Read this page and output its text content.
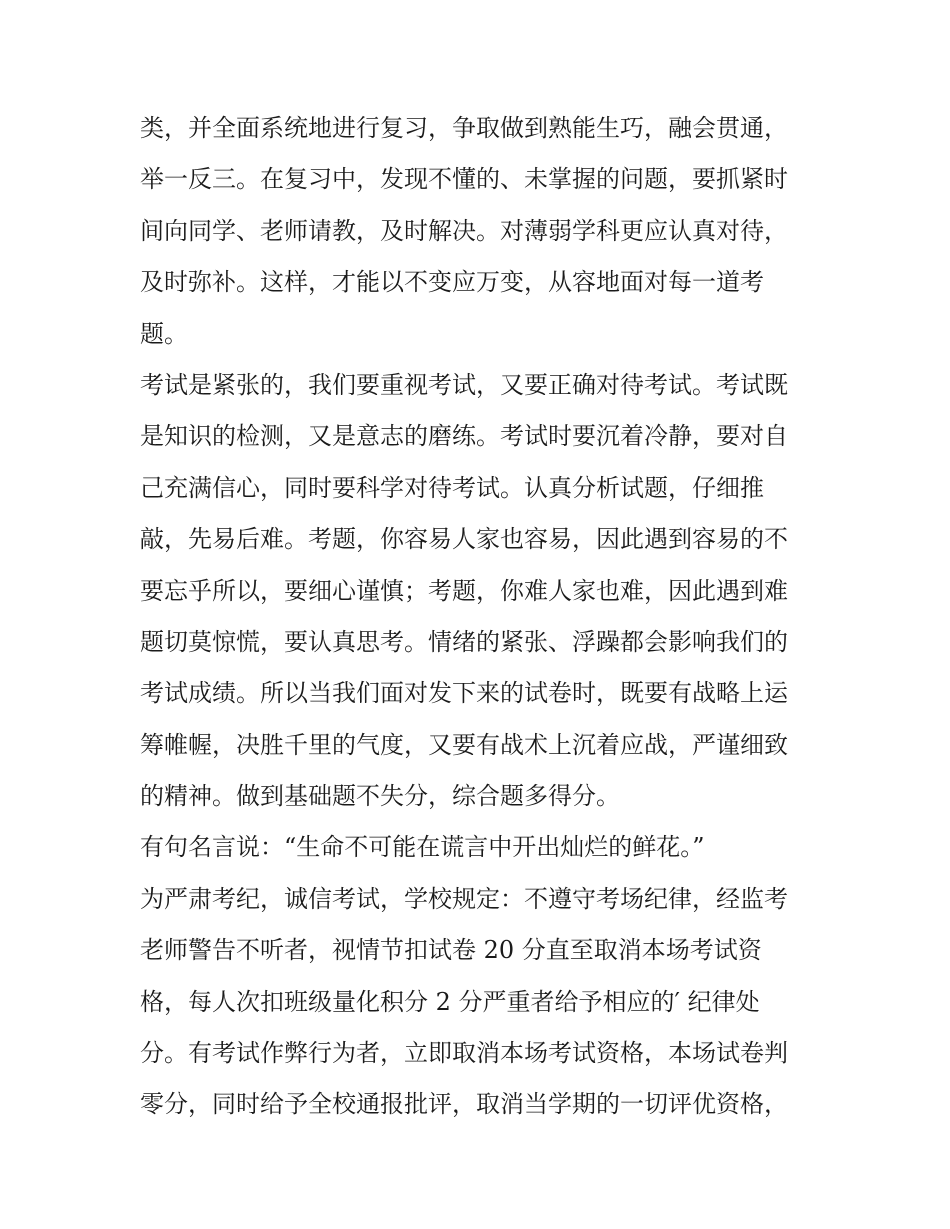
类，并全面系统地进行复习，争取做到熟能生巧，融会贯通，
举一反三。在复习中，发现不懂的、未掌握的问题，要抓紧时
间向同学、老师请教，及时解决。对薄弱学科更应认真对待，
及时弥补。这样，才能以不变应万变，从容地面对每一道考
题。
考试是紧张的，我们要重视考试，又要正确对待考试。考试既
是知识的检测，又是意志的磨练。考试时要沉着冷静，要对自
己充满信心，同时要科学对待考试。认真分析试题，仔细推
敲，先易后难。考题，你容易人家也容易，因此遇到容易的不
要忘乎所以，要细心谨慎；考题，你难人家也难，因此遇到难
题切莫惊慌，要认真思考。情绪的紧张、浮躁都会影响我们的
考试成绩。所以当我们面对发下来的试卷时，既要有战略上运
筹帷幄，决胜千里的气度，又要有战术上沉着应战，严谨细致
的精神。做到基础题不失分，综合题多得分。
有句名言说：“生命不可能在谎言中开出灿烂的鲜花。”
为严肃考纪，诚信考试，学校规定：不遵守考场纪律，经监考
老师警告不听者，视情节扣试卷 20 分直至取消本场考试资
格，每人次扣班级量化积分 2 分严重者给予相应的′ 纪律处
分。有考试作弊行为者，立即取消本场考试资格，本场试卷判
零分，同时给予全校通报批评，取消当学期的一切评优资格，
